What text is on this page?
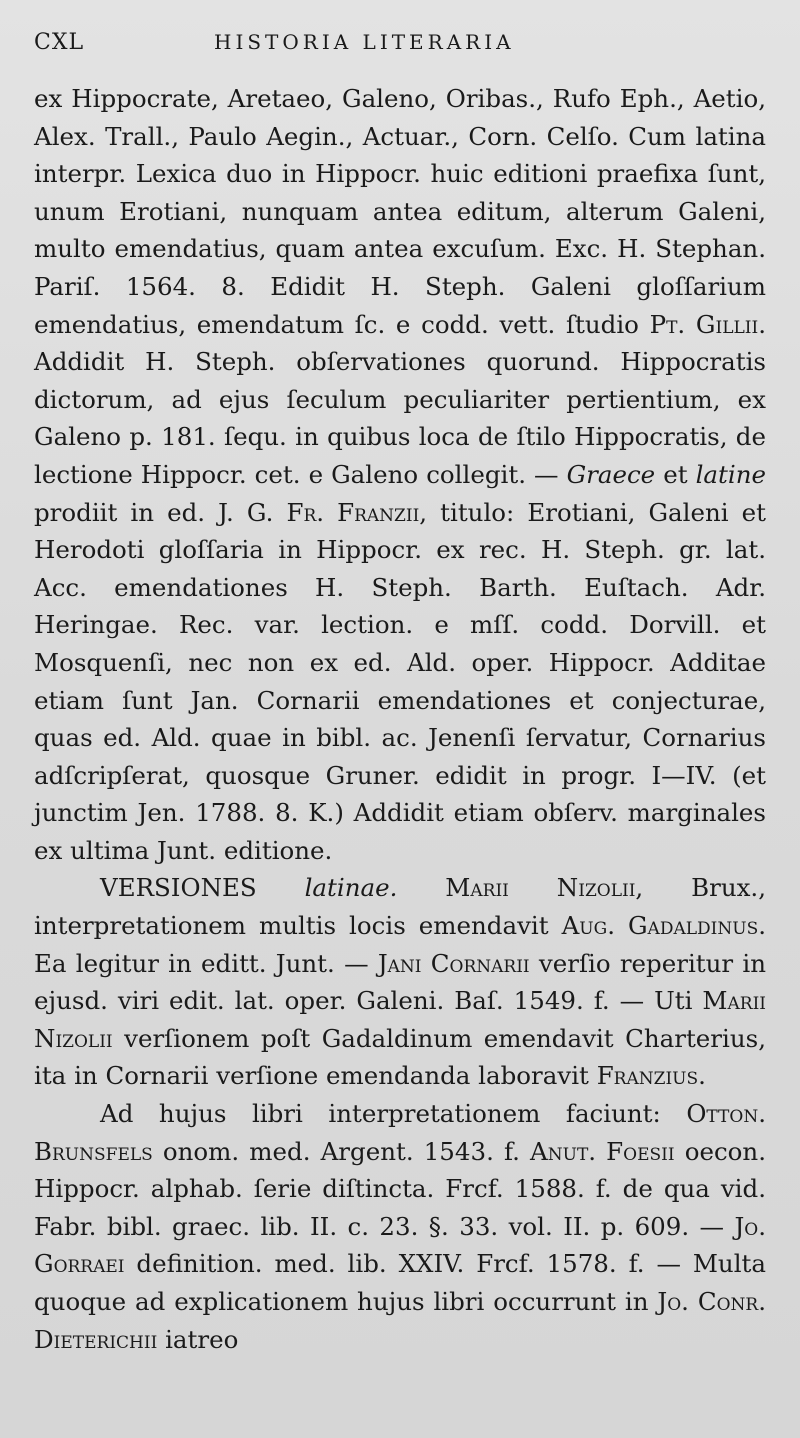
CXL	HISTORIA LITERARIA

ex Hippocrate, Aretaeo, Galeno, Oribas., Rufo Eph., Aetio, Alex. Trall., Paulo Aegin., Actuar., Corn. Celſo. Cum latina interpr. Lexica duo in Hippocr. huic editioni praefixa ſunt, unum Erotiani, nunquam antea editum, alterum Galeni, multo emendatius, quam antea excuſum. Exc. H. Stephan. Pariſ. 1564. 8. Edidit H. Steph. Galeni gloſſarium emendatius, emendatum ſc. e codd. vett. ſtudio Pt. Gillii. Addidit H. Steph. obſervationes quorund. Hippocratis dictorum, ad ejus ſeculum peculiariter pertientium, ex Galeno p. 181. ſequ. in quibus loca de ſtilo Hippocratis, de lectione Hippocr. cet. e Galeno collegit. — Graece et latine prodiit in ed. J. G. Fr. Franzii, titulo: Erotiani, Galeni et Herodoti gloſſaria in Hippocr. ex rec. H. Steph. gr. lat. Acc. emendationes H. Steph. Barth. Euſtach. Adr. Heringae. Rec. var. lection. e mſſ. codd. Dorvill. et Mosquenſi, nec non ex ed. Ald. oper. Hippocr. Additae etiam ſunt Jan. Cornarii emendationes et conjecturae, quas ed. Ald. quae in bibl. ac. Jenenſi ſervatur, Cornarius adſcripſerat, quosque Gruner. edidit in progr. I—IV. (et junctim Jen. 1788. 8. K.) Addidit etiam obſerv. marginales ex ultima Junt. editione.

VERSIONES latinae. Marii Nizolii, Brux., interpretationem multis locis emendavit Aug. Gadaldinus. Ea legitur in editt. Junt. — Jani Cornarii verſio reperitur in ejusd. viri edit. lat. oper. Galeni. Baſ. 1549. f. — Uti Marii Nizolii verſionem poſt Gadaldinum emendavit Charterius, ita in Cornarii verſione emendanda laboravit Franzius.

Ad hujus libri interpretationem faciunt: Otton. Brunsfels onom. med. Argent. 1543. f. Anut. Foesii oecon. Hippocr. alphab. ſerie diſtincta. Frcf. 1588. f. de qua vid. Fabr. bibl. graec. lib. II. c. 23. §. 33. vol. II. p. 609. — Jo. Gorraei definition. med. lib. XXIV. Frcf. 1578. f. — Multa quoque ad explicationem hujus libri occurrunt in Jo. Conr. Dieterichii iatreo
